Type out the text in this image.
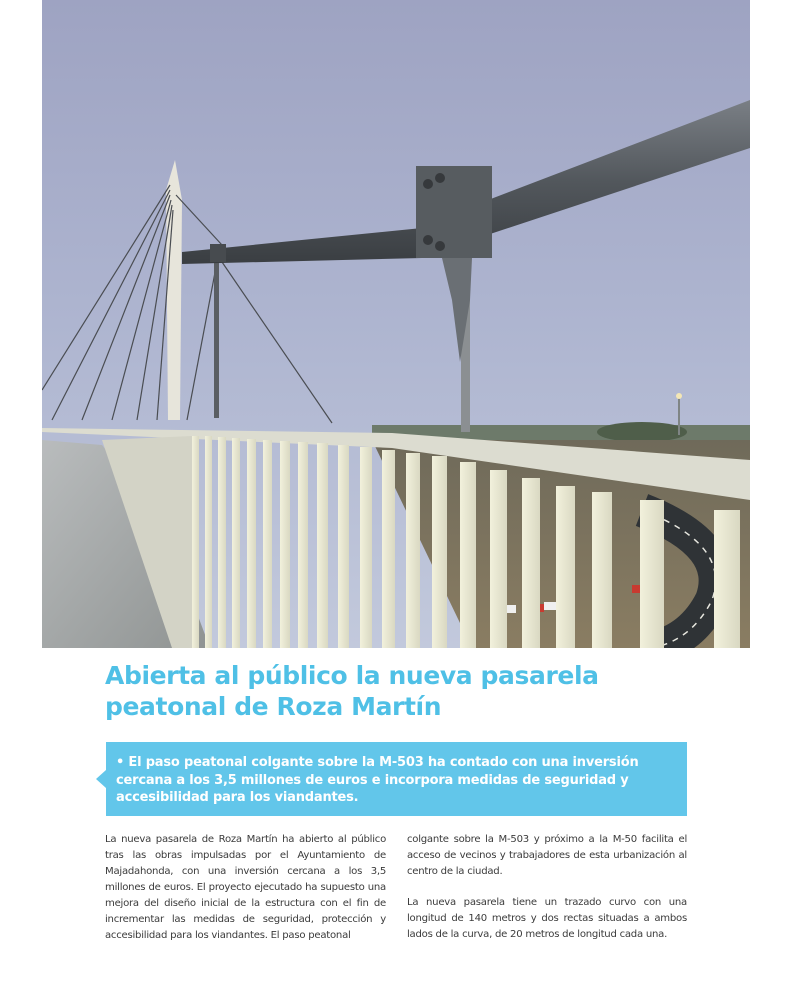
Abierta al público la nueva pasarela peatonal de Roza Martín

• El paso peatonal colgante sobre la M-503 ha contado con una inversión cercana a los 3,5 millones de euros e incorpora medidas de seguridad y accesibilidad para los viandantes.

La nueva pasarela de Roza Martín ha abierto al público tras las obras impulsadas por el Ayuntamiento de Majadahonda, con una inversión cercana a los 3,5 millones de euros. El proyecto ejecutado ha supuesto una mejora del diseño inicial de la estructura con el fin de incrementar las medidas de seguridad, protección y accesibilidad para los viandantes. El paso peatonal

colgante sobre la M-503 y próximo a la M-50 facilita el acceso de vecinos y trabajadores de esta urbanización al centro de la ciudad.

La nueva pasarela tiene un trazado curvo con una longitud de 140 metros y dos rectas situadas a ambos lados de la curva, de 20 metros de longitud cada una.
